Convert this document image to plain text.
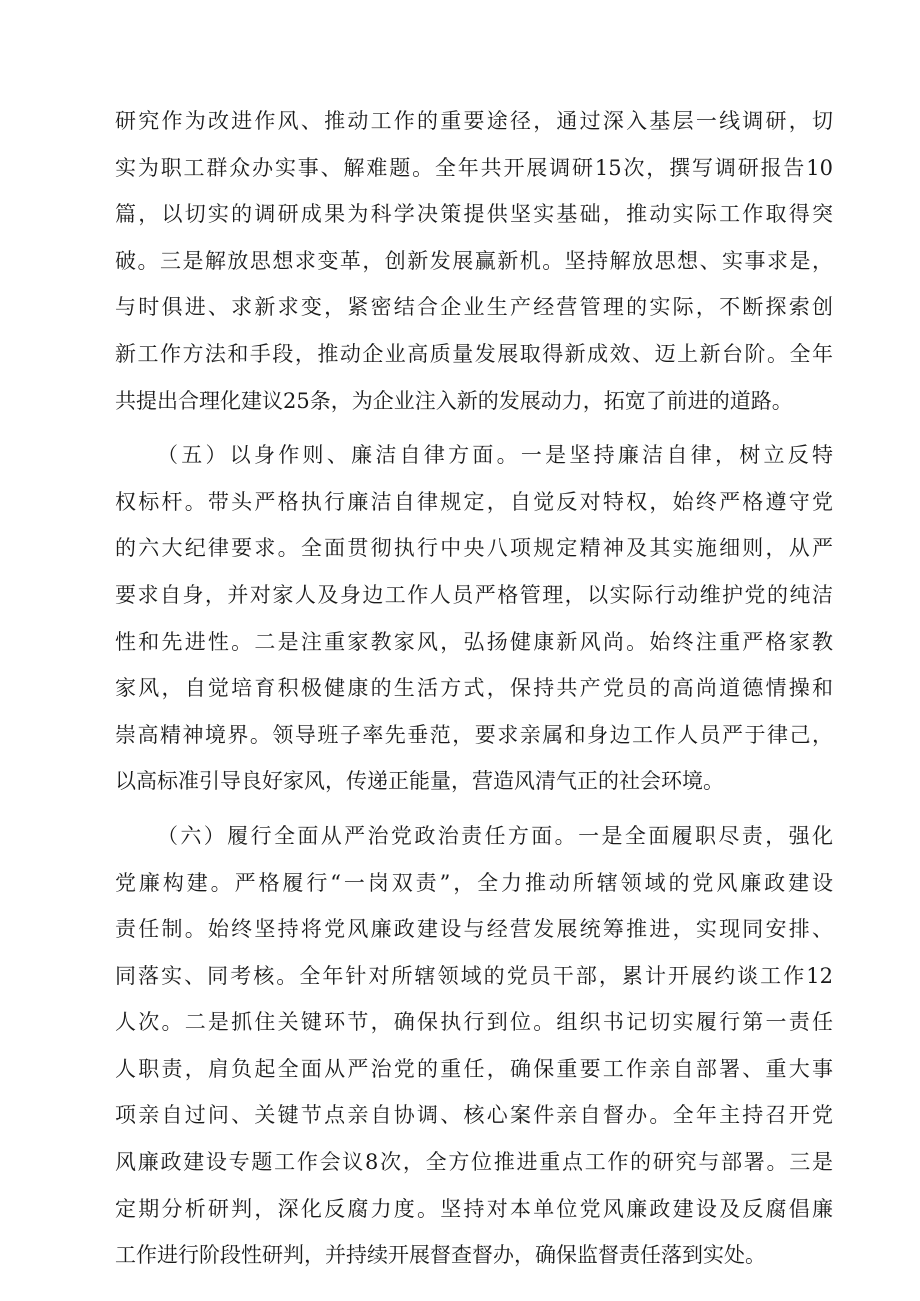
研究作为改进作风、推动工作的重要途径，通过深入基层一线调研，切
实为职工群众办实事、解难题。全年共开展调研15次，撰写调研报告10
篇，以切实的调研成果为科学决策提供坚实基础，推动实际工作取得突
破。三是解放思想求变革，创新发展赢新机。坚持解放思想、实事求是，
与时俱进、求新求变，紧密结合企业生产经营管理的实际，不断探索创
新工作方法和手段，推动企业高质量发展取得新成效、迈上新台阶。全年
共提出合理化建议25条，为企业注入新的发展动力，拓宽了前进的道路。
（五）以身作则、廉洁自律方面。一是坚持廉洁自律，树立反特
权标杆。带头严格执行廉洁自律规定，自觉反对特权，始终严格遵守党
的六大纪律要求。全面贯彻执行中央八项规定精神及其实施细则，从严
要求自身，并对家人及身边工作人员严格管理，以实际行动维护党的纯洁
性和先进性。二是注重家教家风，弘扬健康新风尚。始终注重严格家教
家风，自觉培育积极健康的生活方式，保持共产党员的高尚道德情操和
崇高精神境界。领导班子率先垂范，要求亲属和身边工作人员严于律己，
以高标准引导良好家风，传递正能量，营造风清气正的社会环境。
（六）履行全面从严治党政治责任方面。一是全面履职尽责，强化
党廉构建。严格履行“一岗双责”，全力推动所辖领域的党风廉政建设
责任制。始终坚持将党风廉政建设与经营发展统筹推进，实现同安排、
同落实、同考核。全年针对所辖领域的党员干部，累计开展约谈工作12
人次。二是抓住关键环节，确保执行到位。组织书记切实履行第一责任
人职责，肩负起全面从严治党的重任，确保重要工作亲自部署、重大事
项亲自过问、关键节点亲自协调、核心案件亲自督办。全年主持召开党
风廉政建设专题工作会议8次，全方位推进重点工作的研究与部署。三是
定期分析研判，深化反腐力度。坚持对本单位党风廉政建设及反腐倡廉
工作进行阶段性研判，并持续开展督查督办，确保监督责任落到实处。
